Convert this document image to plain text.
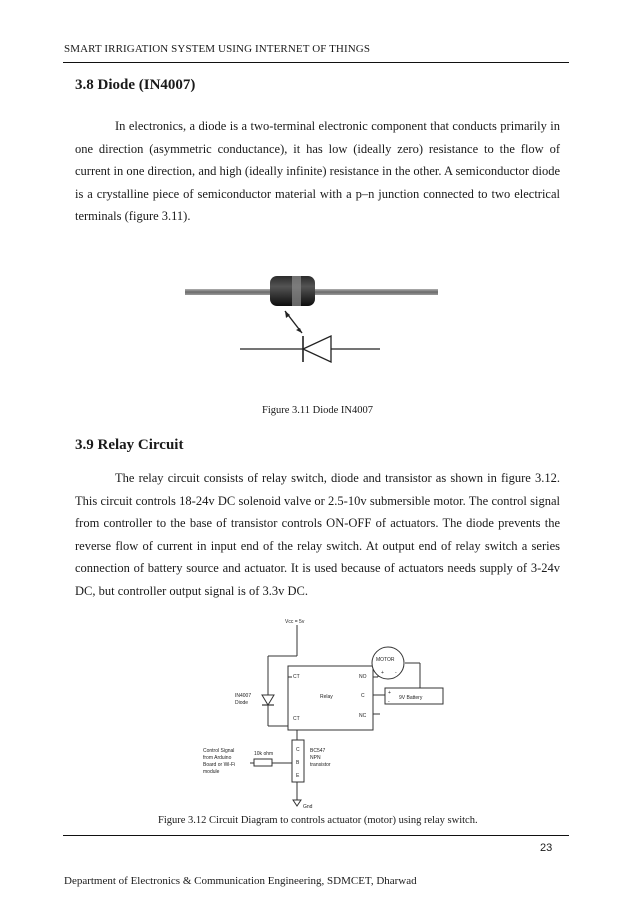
SMART IRRIGATION SYSTEM USING INTERNET OF THINGS
3.8 Diode (IN4007)
In electronics, a diode is a two-terminal electronic component that conducts primarily in one direction (asymmetric conductance), it has low (ideally zero) resistance to the flow of current in one direction, and high (ideally infinite) resistance in the other. A semiconductor diode is a crystalline piece of semiconductor material with a p–n junction connected to two electrical terminals (figure 3.11).
Figure 3.11 Diode IN4007
3.9 Relay Circuit
The relay circuit consists of relay switch, diode and transistor as shown in figure 3.12. This circuit controls 18-24v DC solenoid valve or 2.5-10v submersible motor. The control signal from controller to the base of transistor controls ON-OFF of actuators. The diode prevents the reverse flow of current in input end of the relay switch. At output end of relay switch a series connection of battery source and actuator. It is used because of actuators needs supply of 3-24v DC, but controller output signal is of 3.3v DC.
Vcc = 5v
Gnd
MOTOR
+ -
9V Battery
+
-
Relay
CT
CT
NO
C
NC
IN4007
Diode
10k ohm
Control Signal
from Arduino
Board or Wi-Fi
module
C
B
E
BC547
NPN
transistor
Figure 3.12 Circuit Diagram to controls actuator (motor) using relay switch.
23
Department of Electronics & Communication Engineering, SDMCET, Dharwad
